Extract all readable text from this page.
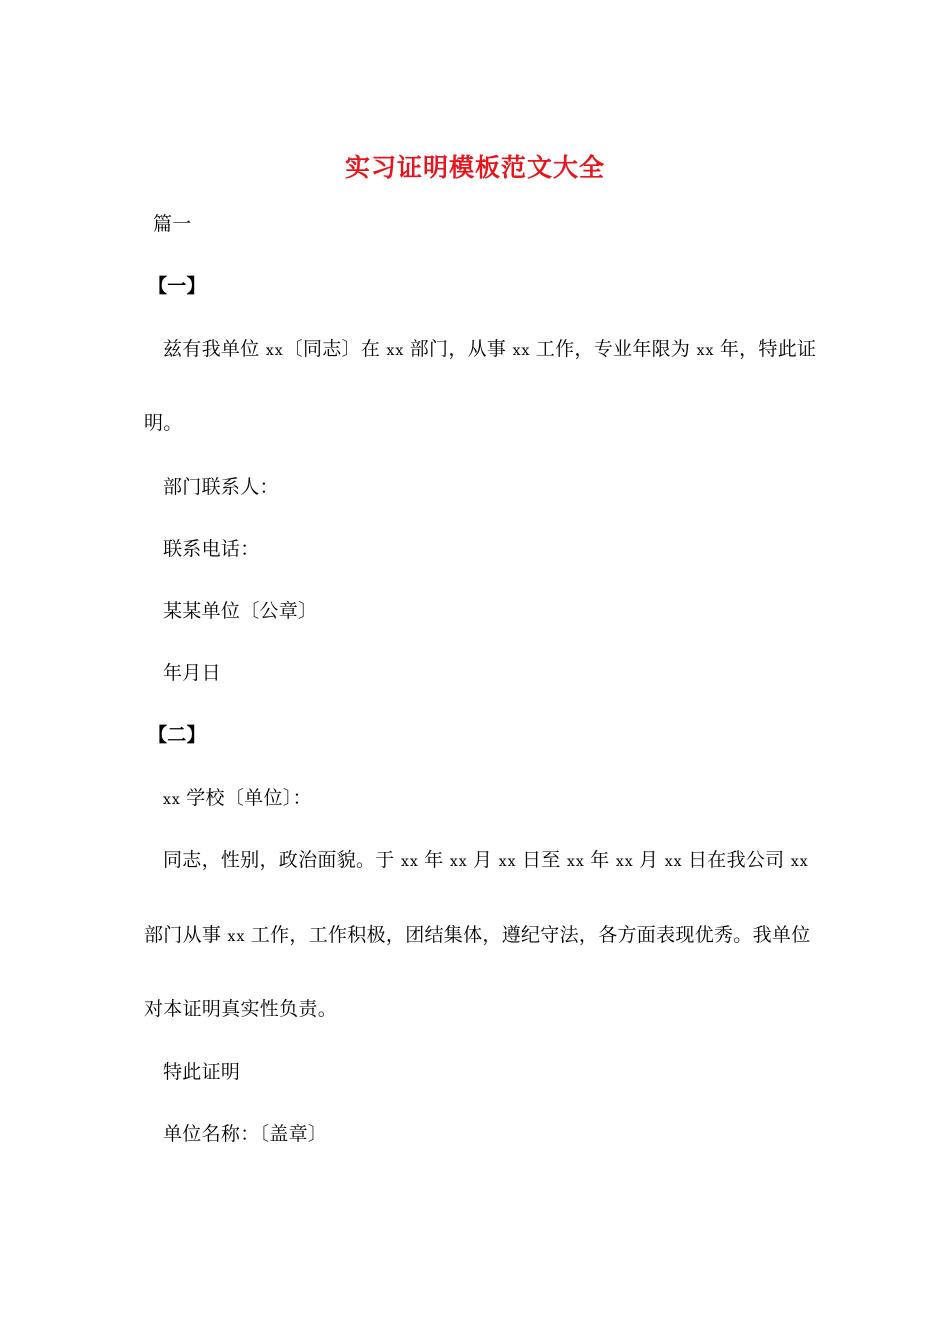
实习证明模板范文大全
篇一
【一】
兹有我单位 xx〔同志〕在 xx 部门，从事 xx 工作，专业年限为 xx 年，特此证
明。
部门联系人：
联系电话：
某某单位〔公章〕
年月日
【二】
xx 学校〔单位〕：
同志，性别，政治面貌。于 xx 年 xx 月 xx 日至 xx 年 xx 月 xx 日在我公司 xx
部门从事 xx 工作，工作积极，团结集体，遵纪守法，各方面表现优秀。我单位
对本证明真实性负责。
特此证明
单位名称：〔盖章〕
